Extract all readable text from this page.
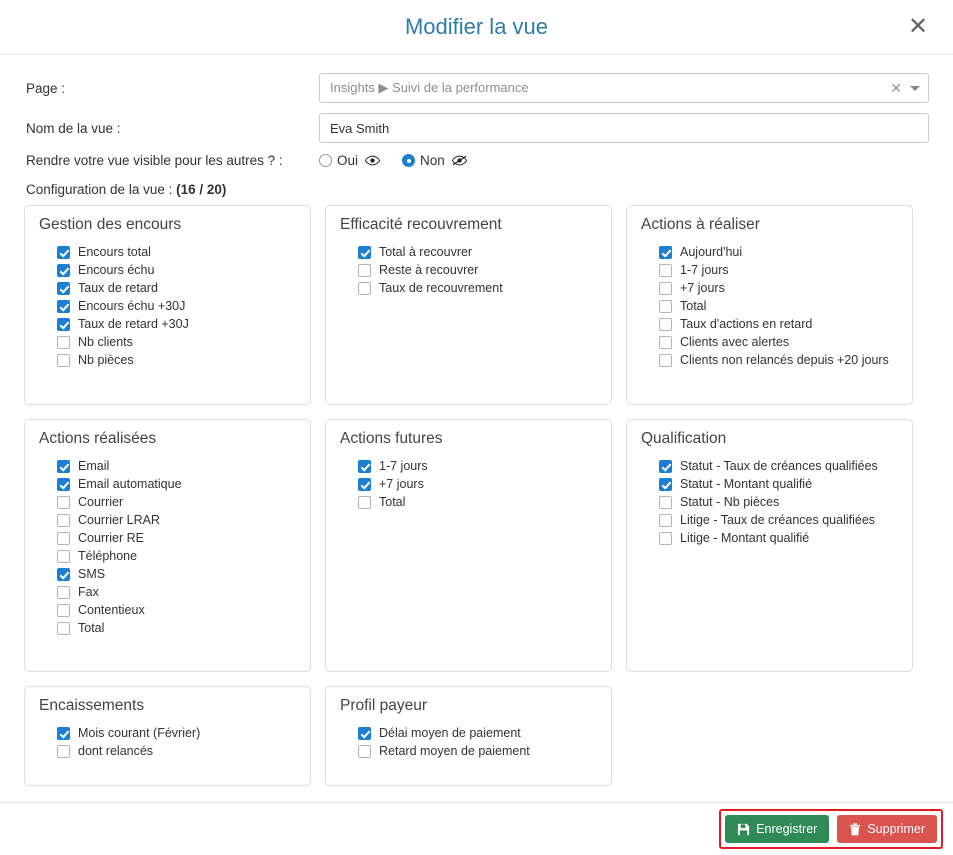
Modifier la vue	✕
Page :	Insights ▶ Suivi de la performance	✕
Nom de la vue :
Eva Smith
Rendre votre vue visible pour les autres ? :	Oui	Non
Configuration de la vue : (16 / 20)
Gestion des encours
Encours total
Encours échu
Taux de retard
Encours échu +30J
Taux de retard +30J
Nb clients
Nb pièces
Efficacité recouvrement
Total à recouvrer
Reste à recouvrer
Taux de recouvrement
Actions à réaliser
Aujourd'hui
1-7 jours
+7 jours
Total
Taux d'actions en retard
Clients avec alertes
Clients non relancés depuis +20 jours
Actions réalisées
Email
Email automatique
Courrier
Courrier LRAR
Courrier RE
Téléphone
SMS
Fax
Contentieux
Total
Actions futures
1-7 jours
+7 jours
Total
Qualification
Statut - Taux de créances qualifiées
Statut - Montant qualifié
Statut - Nb pièces
Litige - Taux de créances qualifiées
Litige - Montant qualifié
Encaissements
Mois courant (Février)
dont relancés
Profil payeur
Délai moyen de paiement
Retard moyen de paiement
Enregistrer	Supprimer
